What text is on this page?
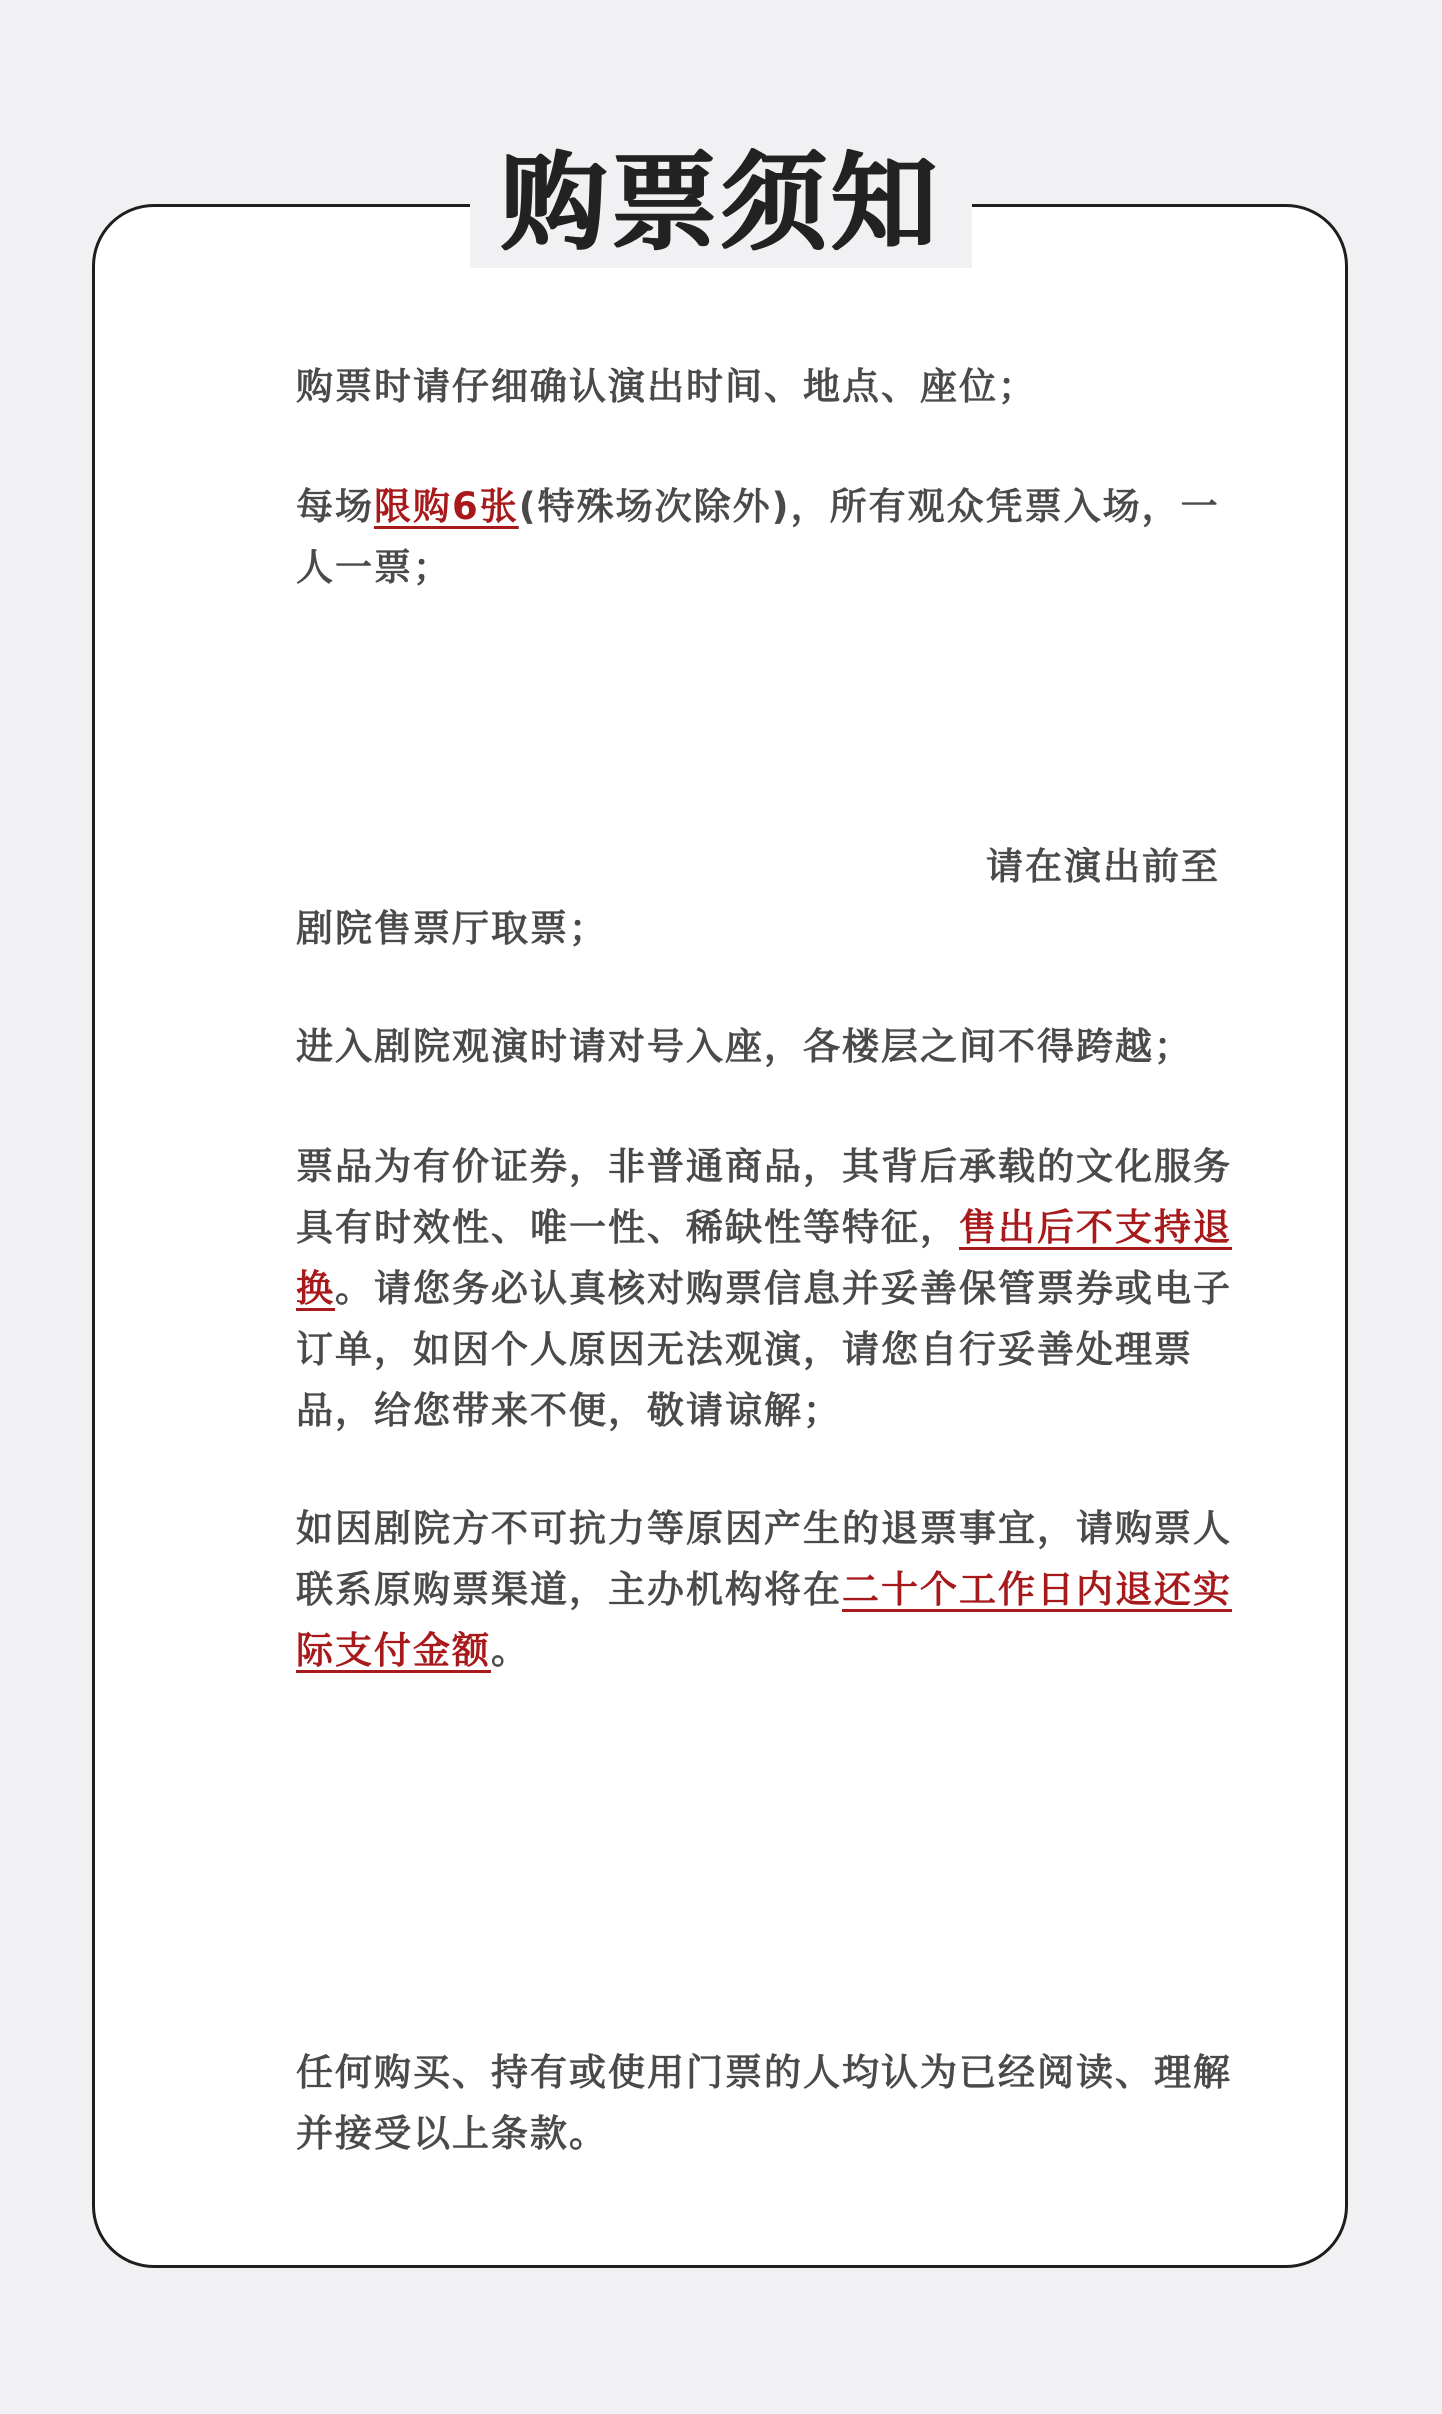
购票须知

购票时请仔细确认演出时间、地点、座位；

每场限购6张(特殊场次除外)，所有观众凭票入场，一人一票；

请在演出前至

剧院售票厅取票；

进入剧院观演时请对号入座，各楼层之间不得跨越；

票品为有价证券，非普通商品，其背后承载的文化服务具有时效性、唯一性、稀缺性等特征，售出后不支持退换。请您务必认真核对购票信息并妥善保管票券或电子订单，如因个人原因无法观演，请您自行妥善处理票品，给您带来不便，敬请谅解；

如因剧院方不可抗力等原因产生的退票事宜，请购票人联系原购票渠道，主办机构将在二十个工作日内退还实际支付金额。

任何购买、持有或使用门票的人均认为已经阅读、理解并接受以上条款。
